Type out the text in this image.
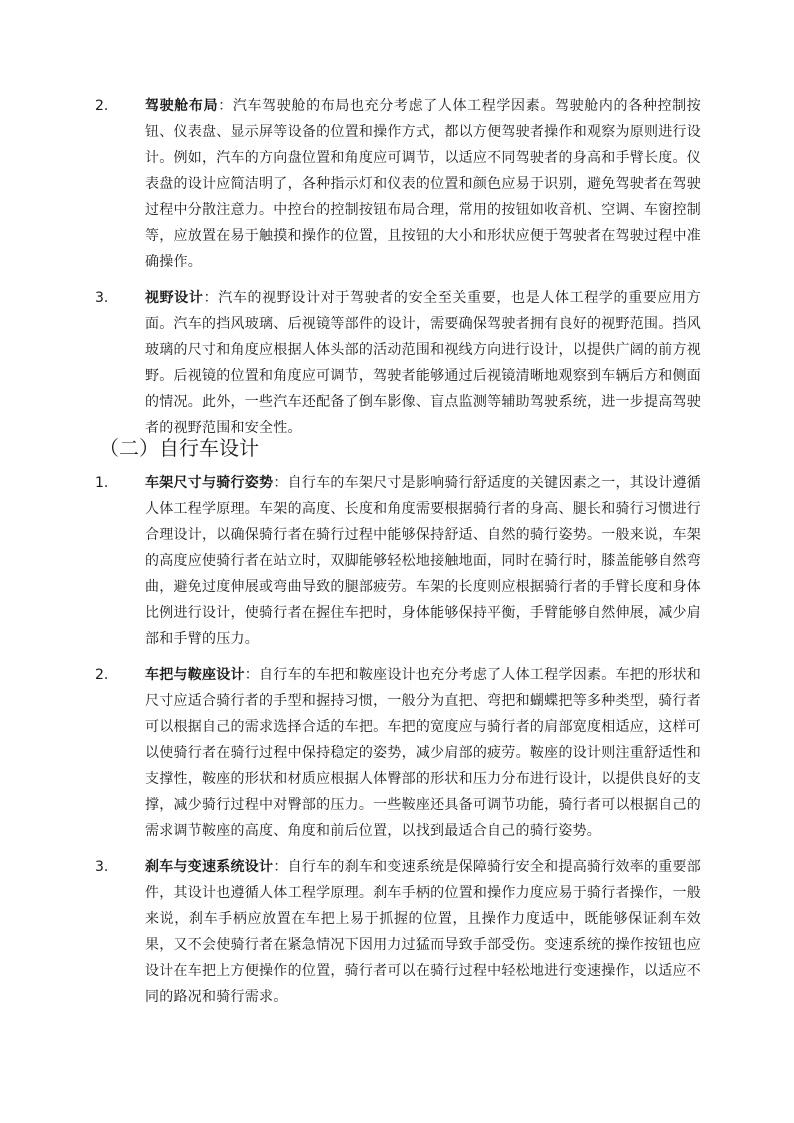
2.	驾驶舱布局：汽车驾驶舱的布局也充分考虑了人体工程学因素。驾驶舱内的各种控制按钮、仪表盘、显示屏等设备的位置和操作方式，都以方便驾驶者操作和观察为原则进行设计。例如，汽车的方向盘位置和角度应可调节，以适应不同驾驶者的身高和手臂长度。仪表盘的设计应简洁明了，各种指示灯和仪表的位置和颜色应易于识别，避免驾驶者在驾驶过程中分散注意力。中控台的控制按钮布局合理，常用的按钮如收音机、空调、车窗控制等，应放置在易于触摸和操作的位置，且按钮的大小和形状应便于驾驶者在驾驶过程中准确操作。

3.	视野设计：汽车的视野设计对于驾驶者的安全至关重要，也是人体工程学的重要应用方面。汽车的挡风玻璃、后视镜等部件的设计，需要确保驾驶者拥有良好的视野范围。挡风玻璃的尺寸和角度应根据人体头部的活动范围和视线方向进行设计，以提供广阔的前方视野。后视镜的位置和角度应可调节，驾驶者能够通过后视镜清晰地观察到车辆后方和侧面的情况。此外，一些汽车还配备了倒车影像、盲点监测等辅助驾驶系统，进一步提高驾驶者的视野范围和安全性。

（二）自行车设计
1.	车架尺寸与骑行姿势：自行车的车架尺寸是影响骑行舒适度的关键因素之一，其设计遵循人体工程学原理。车架的高度、长度和角度需要根据骑行者的身高、腿长和骑行习惯进行合理设计，以确保骑行者在骑行过程中能够保持舒适、自然的骑行姿势。一般来说，车架的高度应使骑行者在站立时，双脚能够轻松地接触地面，同时在骑行时，膝盖能够自然弯曲，避免过度伸展或弯曲导致的腿部疲劳。车架的长度则应根据骑行者的手臂长度和身体比例进行设计，使骑行者在握住车把时，身体能够保持平衡，手臂能够自然伸展，减少肩部和手臂的压力。

2.	车把与鞍座设计：自行车的车把和鞍座设计也充分考虑了人体工程学因素。车把的形状和尺寸应适合骑行者的手型和握持习惯，一般分为直把、弯把和蝴蝶把等多种类型，骑行者可以根据自己的需求选择合适的车把。车把的宽度应与骑行者的肩部宽度相适应，这样可以使骑行者在骑行过程中保持稳定的姿势，减少肩部的疲劳。鞍座的设计则注重舒适性和支撑性，鞍座的形状和材质应根据人体臀部的形状和压力分布进行设计，以提供良好的支撑，减少骑行过程中对臀部的压力。一些鞍座还具备可调节功能，骑行者可以根据自己的需求调节鞍座的高度、角度和前后位置，以找到最适合自己的骑行姿势。

3.	刹车与变速系统设计：自行车的刹车和变速系统是保障骑行安全和提高骑行效率的重要部件，其设计也遵循人体工程学原理。刹车手柄的位置和操作力度应易于骑行者操作，一般来说，刹车手柄应放置在车把上易于抓握的位置，且操作力度适中，既能够保证刹车效果，又不会使骑行者在紧急情况下因用力过猛而导致手部受伤。变速系统的操作按钮也应设计在车把上方便操作的位置，骑行者可以在骑行过程中轻松地进行变速操作，以适应不同的路况和骑行需求。
